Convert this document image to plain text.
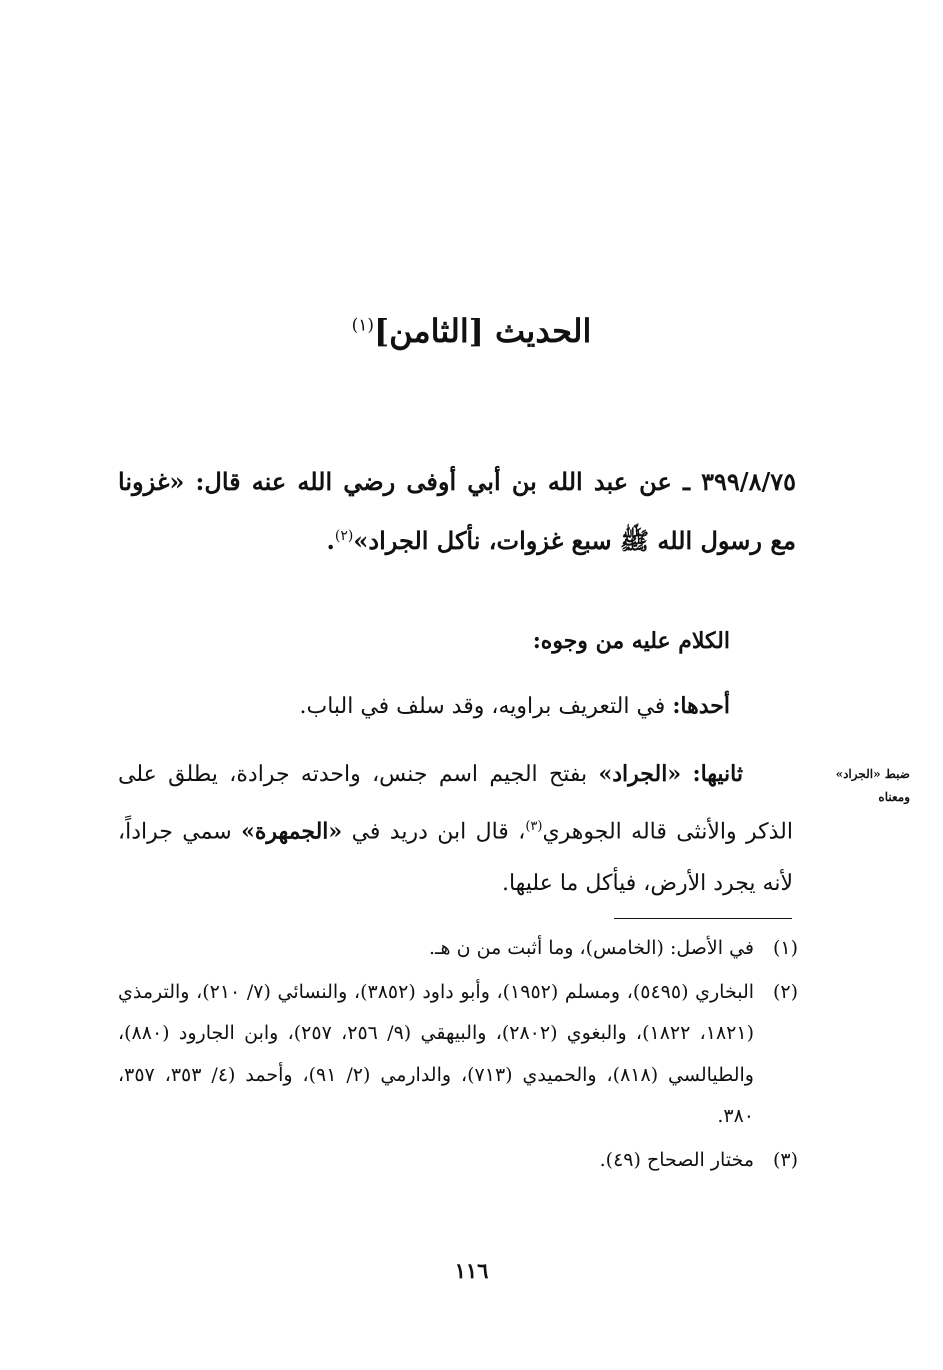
الحديث [الثامن]$^{(١)}$
٣٩٩/٨/٧٥ ـ عن عبد الله بن أبي أوفى رضي الله عنه قال: «غزونا مع رسول الله ﷺ سبع غزوات، نأكل الجراد»$^{(٢)}$.
الكلام عليه من وجوه:
أحدها: في التعريف براويه، وقد سلف في الباب.
ثانيها: «الجراد» بفتح الجيم اسم جنس، واحدته جرادة، يطلق على الذكر والأنثى قاله الجوهري$^{(٣)}$، قال ابن دريد في «الجمهرة» سمي جراداً، لأنه يجرد الأرض، فيأكل ما عليها.
ضبط «الجراد»
ومعناه
(١)
في الأصل: (الخامس)، وما أثبت من ن هـ.
(٢)
البخاري (٥٤٩٥)، ومسلم (١٩٥٢)، وأبو داود (٣٨٥٢)، والنسائي (٧/ ٢١٠)، والترمذي (١٨٢١، ١٨٢٢)، والبغوي (٢٨٠٢)، والبيهقي (٩/ ٢٥٦، ٢٥٧)، وابن الجارود (٨٨٠)، والطيالسي (٨١٨)، والحميدي (٧١٣)، والدارمي (٢/ ٩١)، وأحمد (٤/ ٣٥٣، ٣٥٧، ٣٨٠.
(٣)
مختار الصحاح (٤٩).
١١٦
